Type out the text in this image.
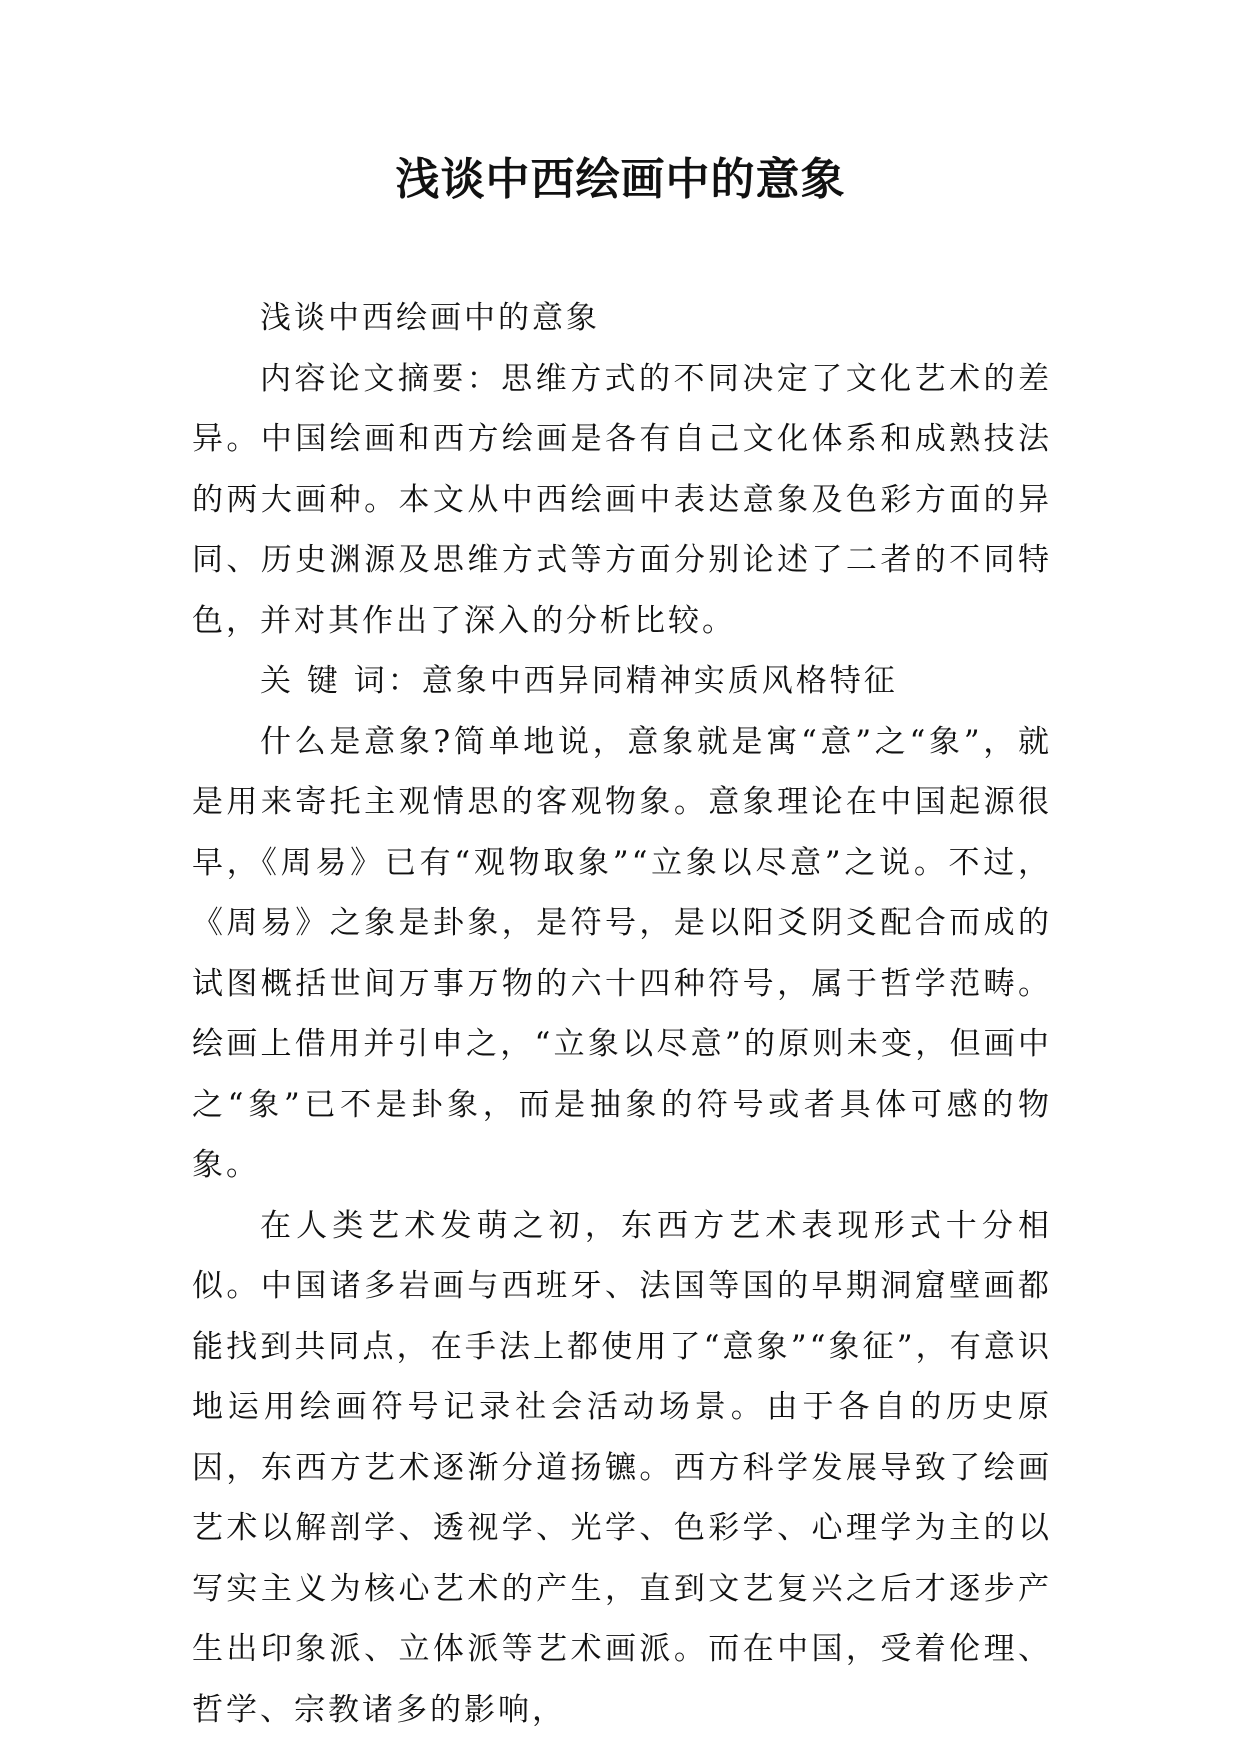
浅谈中西绘画中的意象

浅谈中西绘画中的意象

内容论文摘要：思维方式的不同决定了文化艺术的差异。中国绘画和西方绘画是各有自己文化体系和成熟技法的两大画种。本文从中西绘画中表达意象及色彩方面的异同、历史渊源及思维方式等方面分别论述了二者的不同特色，并对其作出了深入的分析比较。

关 键 词：意象中西异同精神实质风格特征

什么是意象?简单地说，意象就是寓“意”之“象”，就是用来寄托主观情思的客观物象。意象理论在中国起源很早，《周易》已有“观物取象”“立象以尽意”之说。不过，《周易》之象是卦象，是符号，是以阳爻阴爻配合而成的试图概括世间万事万物的六十四种符号，属于哲学范畴。绘画上借用并引申之，“立象以尽意”的原则未变，但画中之“象”已不是卦象，而是抽象的符号或者具体可感的物象。

在人类艺术发萌之初，东西方艺术表现形式十分相似。中国诸多岩画与西班牙、法国等国的早期洞窟壁画都能找到共同点，在手法上都使用了“意象”“象征”，有意识地运用绘画符号记录社会活动场景。由于各自的历史原因，东西方艺术逐渐分道扬镳。西方科学发展导致了绘画艺术以解剖学、透视学、光学、色彩学、心理学为主的以写实主义为核心艺术的产生，直到文艺复兴之后才逐步产生出印象派、立体派等艺术画派。而在中国，受着伦理、哲学、宗教诸多的影响，
